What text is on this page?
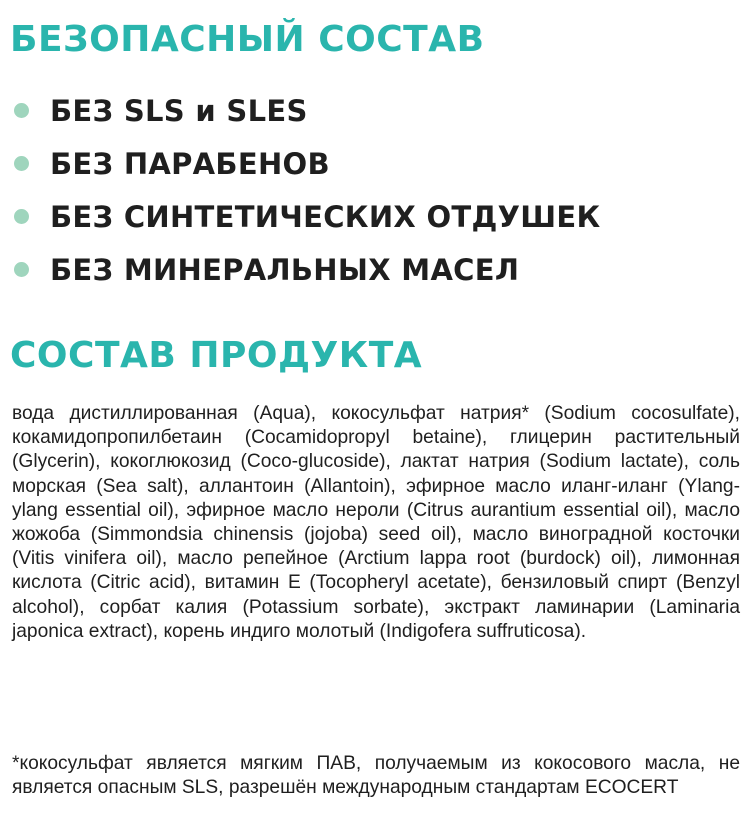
БЕЗОПАСНЫЙ СОСТАВ
БЕЗ SLS и SLES
БЕЗ ПАРАБЕНОВ
БЕЗ СИНТЕТИЧЕСКИХ ОТДУШЕК
БЕЗ МИНЕРАЛЬНЫХ МАСЕЛ
СОСТАВ ПРОДУКТА

вода дистиллированная (Aqua), кокосульфат натрия* (Sodium cocosulfate), кокамидопропилбетаин (Cocamidopropyl betaine), глицерин растительный (Glycerin), кокоглюкозид (Coco-glucoside), лактат натрия (Sodium lactate), соль морская (Sea salt), аллантоин (Allantoin), эфирное масло иланг-иланг (Ylang-ylang essential oil), эфирное масло нероли (Citrus aurantium essential oil), масло жожоба (Simmondsia chinensis (jojoba) seed oil), масло виноградной косточки (Vitis vinifera oil), масло репейное (Arctium lappa root (burdock) oil), лимонная кислота (Citric acid), витамин Е (Tocopheryl acetate), бензиловый спирт (Benzyl alcohol), сорбат калия (Potassium sorbate), экстракт ламинарии (Laminaria japonica extract), корень индиго молотый (Indigofera suffruticosa).

*кокосульфат является мягким ПАВ, получаемым из кокосового масла, не является опасным SLS, разрешён международным стандартам ECOCERT
